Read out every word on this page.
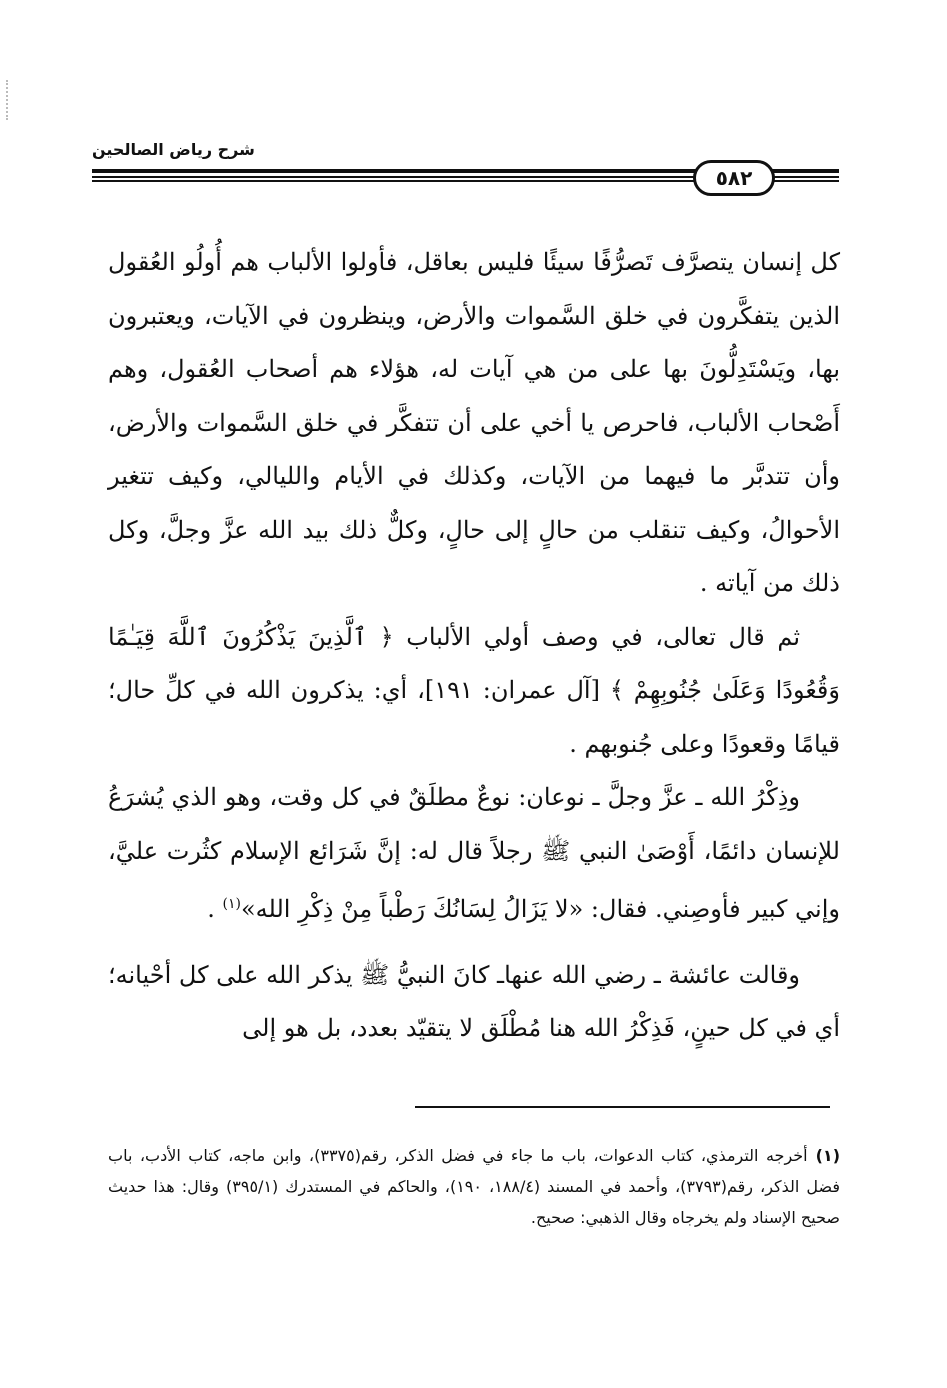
شرح رياض الصالحين
٥٨٢

كل إنسان يتصرَّف تَصرُّفًا سيئًا فليس بعاقل، فأولوا الألباب هم أُولُو العُقول الذين يتفكَّرون في خلق السَّموات والأرض، وينظرون في الآيات، ويعتبرون بها، ويَسْتَدِلُّونَ بها على من هي آيات له، هؤلاء هم أصحاب العُقول، وهم أَصْحاب الألباب، فاحرص يا أخي على أن تتفكَّر في خلق السَّموات والأرض، وأن تتدبَّر ما فيهما من الآيات، وكذلك في الأيام والليالي، وكيف تتغير الأحوالُ، وكيف تنقلب من حالٍ إلى حالٍ، وكلٌّ ذلك بيد الله عزَّ وجلَّ، وكل ذلك من آياته .

ثم قال تعالى، في وصف أولي الألباب ﴿ ٱلَّذِينَ يَذْكُرُونَ ٱللَّهَ قِيَـٰمًا وَقُعُودًا وَعَلَىٰ جُنُوبِهِمْ ﴾ [آل عمران: ١٩١]، أي: يذكرون الله في كلِّ حال؛ قيامًا وقعودًا وعلى جُنوبهم .

وذِكْرُ الله ـ عزَّ وجلَّ ـ نوعان: نوعٌ مطلَقٌ في كل وقت، وهو الذي يُشرَعُ للإنسان دائمًا، أَوْصَىٰ النبي ﷺ رجلاً قال له: إنَّ شَرَائع الإسلام كثُرت عليَّ، وإني كبير فأوصِني. فقال: «لا يَزَالُ لِسَانُكَ رَطْباً مِنْ ذِكْرِ الله»$^{(١)}$ .

وقالت عائشة ـ رضي الله عنهاـ كانَ النبيُّ ﷺ يذكر الله على كل أحْيانه؛ أي في كل حينٍ، فَذِكْرُ الله هنا مُطْلَق لا يتقيّد بعدد، بل هو إلى

(١)أخرجه الترمذي، كتاب الدعوات، باب ما جاء في فضل الذكر، رقم(٣٣٧٥)، وابن ماجه، كتاب الأدب، باب فضل الذكر، رقم(٣٧٩٣)، وأحمد في المسند (١٨٨/٤، ١٩٠)، والحاكم في المستدرك (٣٩٥/١) وقال: هذا حديث صحيح الإسناد ولم يخرجاه وقال الذهبي: صحيح.
